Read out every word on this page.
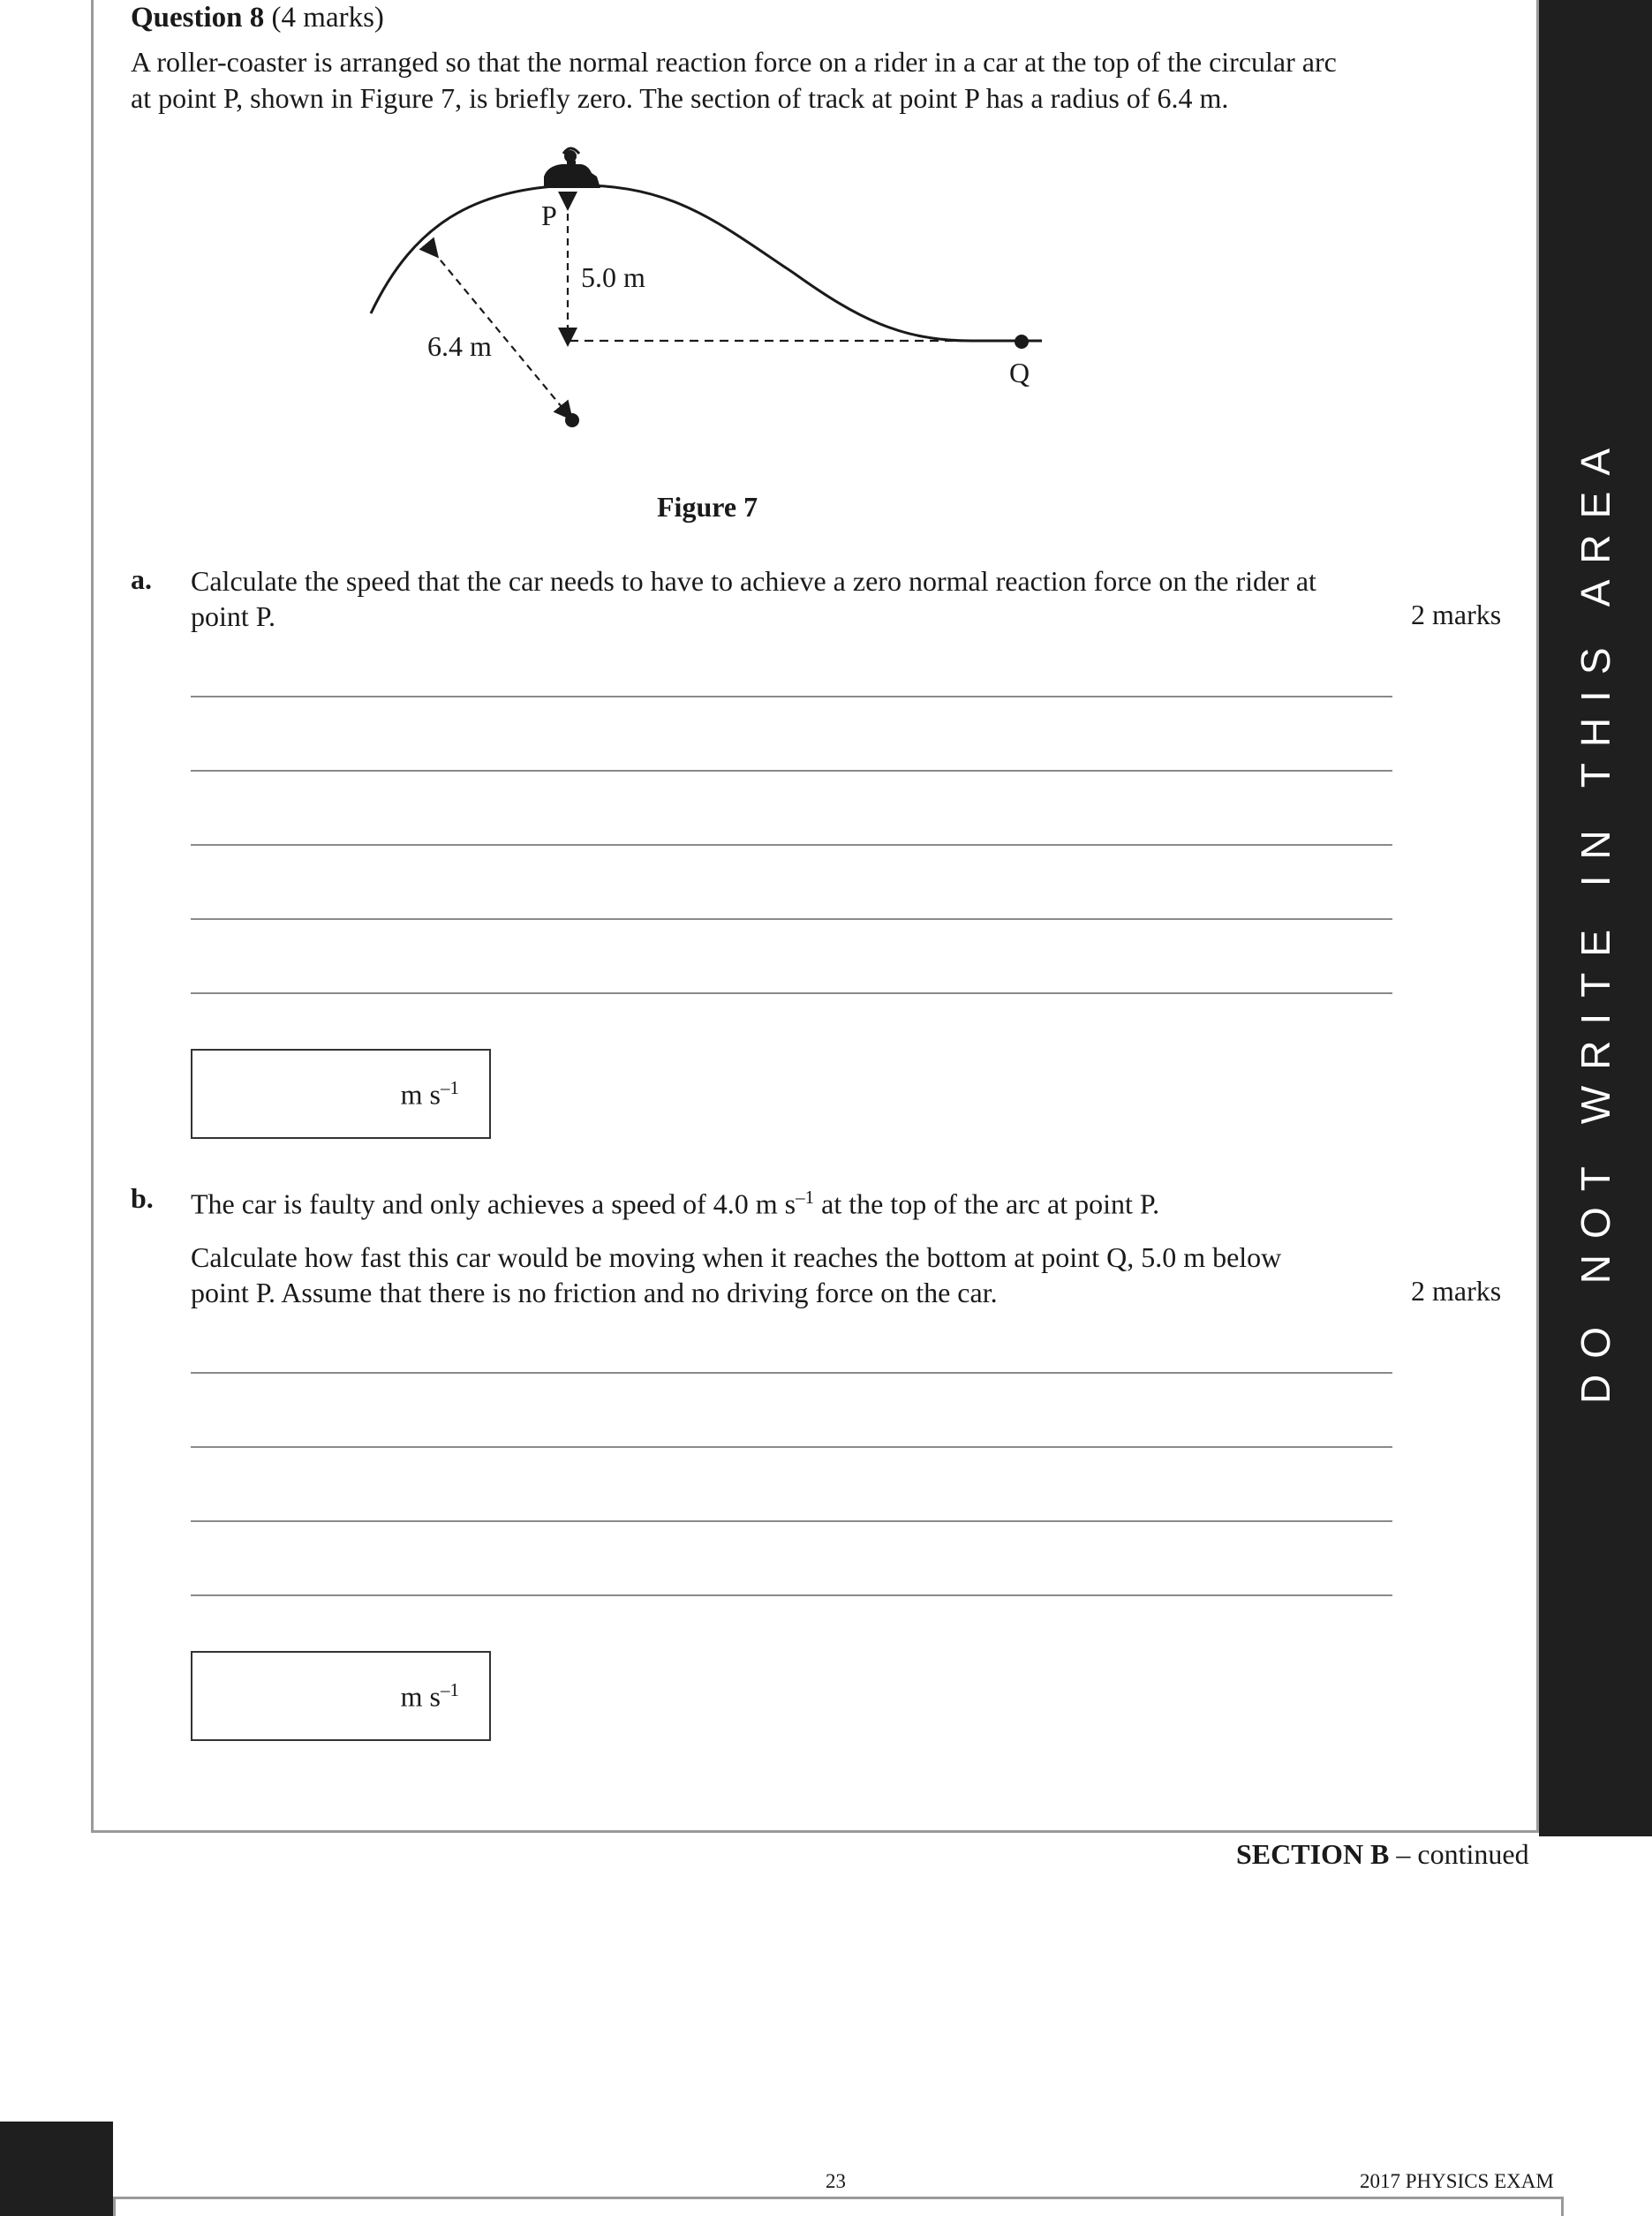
DO NOT WRITE IN THIS AREA
Question 8 (4 marks)
A roller-coaster is arranged so that the normal reaction force on a rider in a car at the top of the circular arc
at point P, shown in Figure 7, is briefly zero. The section of track at point P has a radius of 6.4 m.
P
5.0 m
6.4 m
Q
Figure 7
a. Calculate the speed that the car needs to have to achieve a zero normal reaction force on the rider at
point P.	2 marks
m $s^{-1}$
b. The car is faulty and only achieves a speed of 4.0 m $s^{-1}$ at the top of the arc at point P.
Calculate how fast this car would be moving when it reaches the bottom at point Q, 5.0 m below
point P. Assume that there is no friction and no driving force on the car.	2 marks
m $s^{-1}$
SECTION B – continued
23	2017 PHYSICS EXAM
